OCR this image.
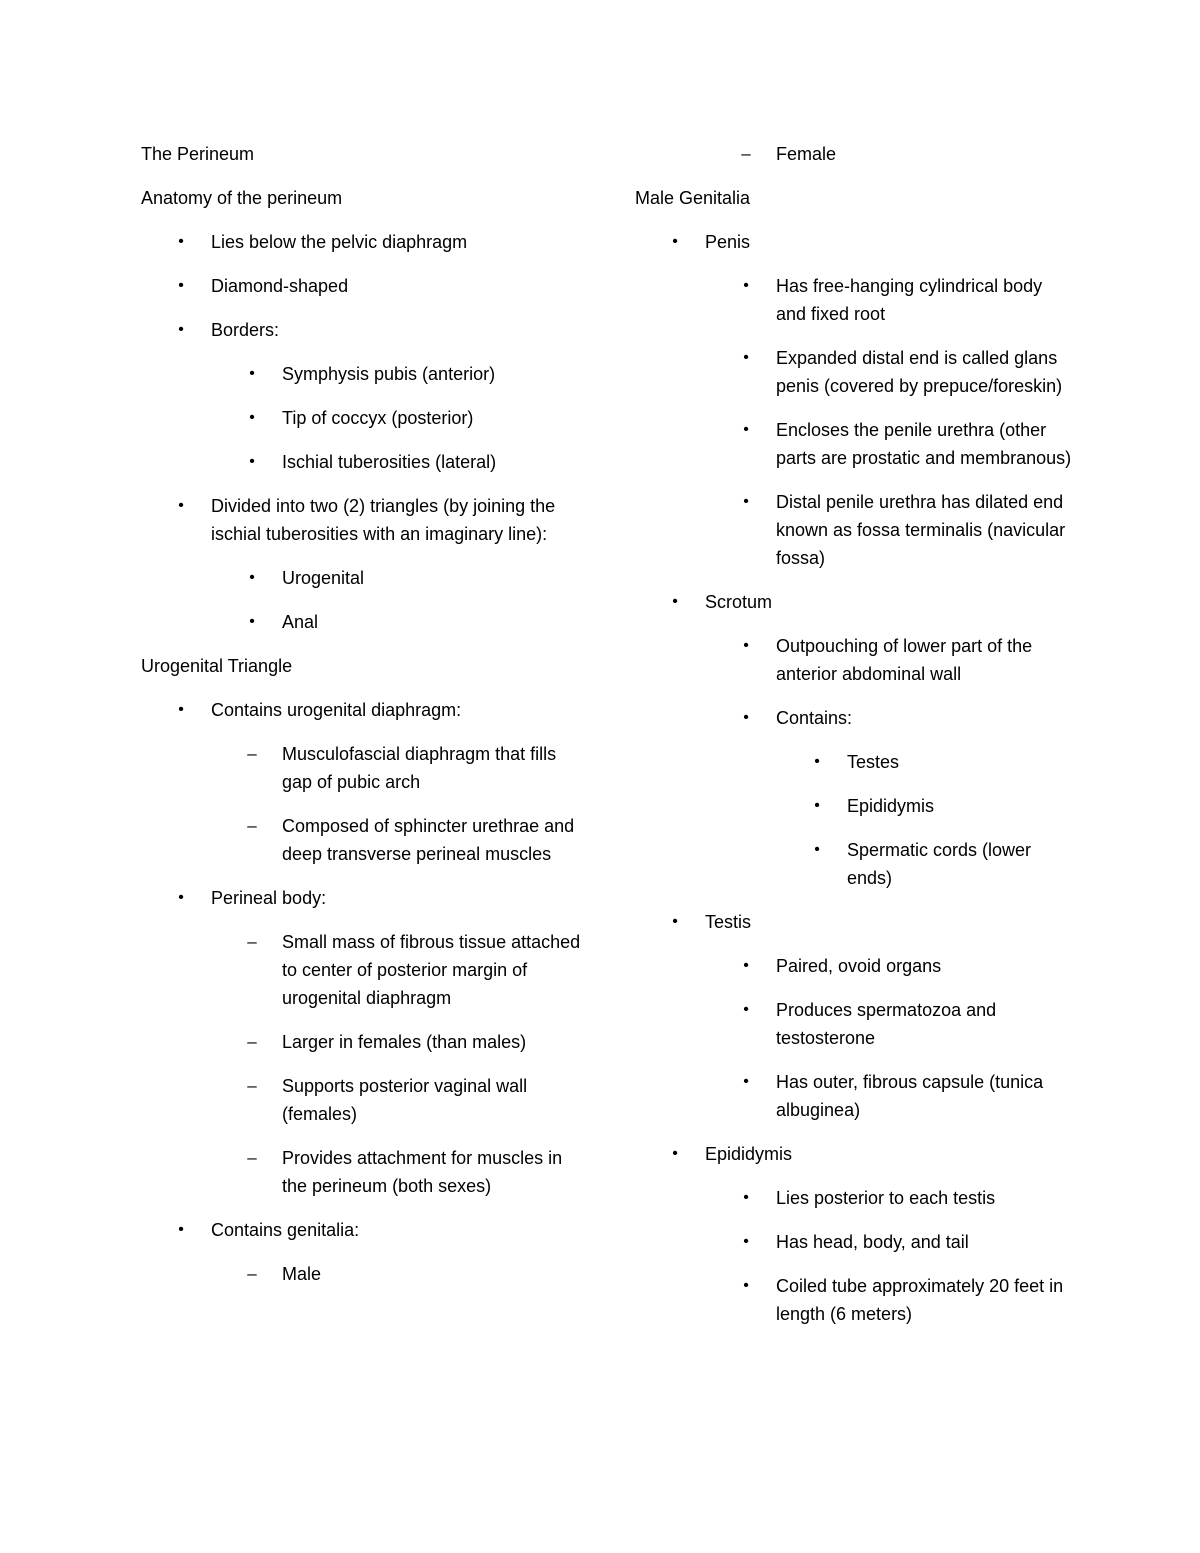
The Perineum
Anatomy of the perineum
•	Lies below the pelvic diaphragm
•	Diamond-shaped
•	Borders:
•	Symphysis pubis (anterior)
•	Tip of coccyx (posterior)
•	Ischial tuberosities (lateral)
•	Divided into two (2) triangles (by joining the ischial tuberosities with an imaginary line):
•	Urogenital
•	Anal
Urogenital Triangle
•	Contains urogenital diaphragm:
– Musculofascial diaphragm that fills gap of pubic arch
– Composed of sphincter urethrae and deep transverse perineal muscles
•	Perineal body:
– Small mass of fibrous tissue attached to center of posterior margin of urogenital diaphragm
– Larger in females (than males)
– Supports posterior vaginal wall (females)
– Provides attachment for muscles in the perineum (both sexes)
•	Contains genitalia:
– Male
– Female
Male Genitalia
•	Penis
•	Has free-hanging cylindrical body and fixed root
•	Expanded distal end is called glans penis (covered by prepuce/foreskin)
•	Encloses the penile urethra (other parts are prostatic and membranous)
•	Distal penile urethra has dilated end known as fossa terminalis (navicular fossa)
•	Scrotum
•	Outpouching of lower part of the anterior abdominal wall
•	Contains:
•	Testes
•	Epididymis
•	Spermatic cords (lower ends)
•	Testis
•	Paired, ovoid organs
•	Produces spermatozoa and testosterone
•	Has outer, fibrous capsule (tunica albuginea)
•	Epididymis
•	Lies posterior to each testis
•	Has head, body, and tail
•	Coiled tube approximately 20 feet in length (6 meters)
